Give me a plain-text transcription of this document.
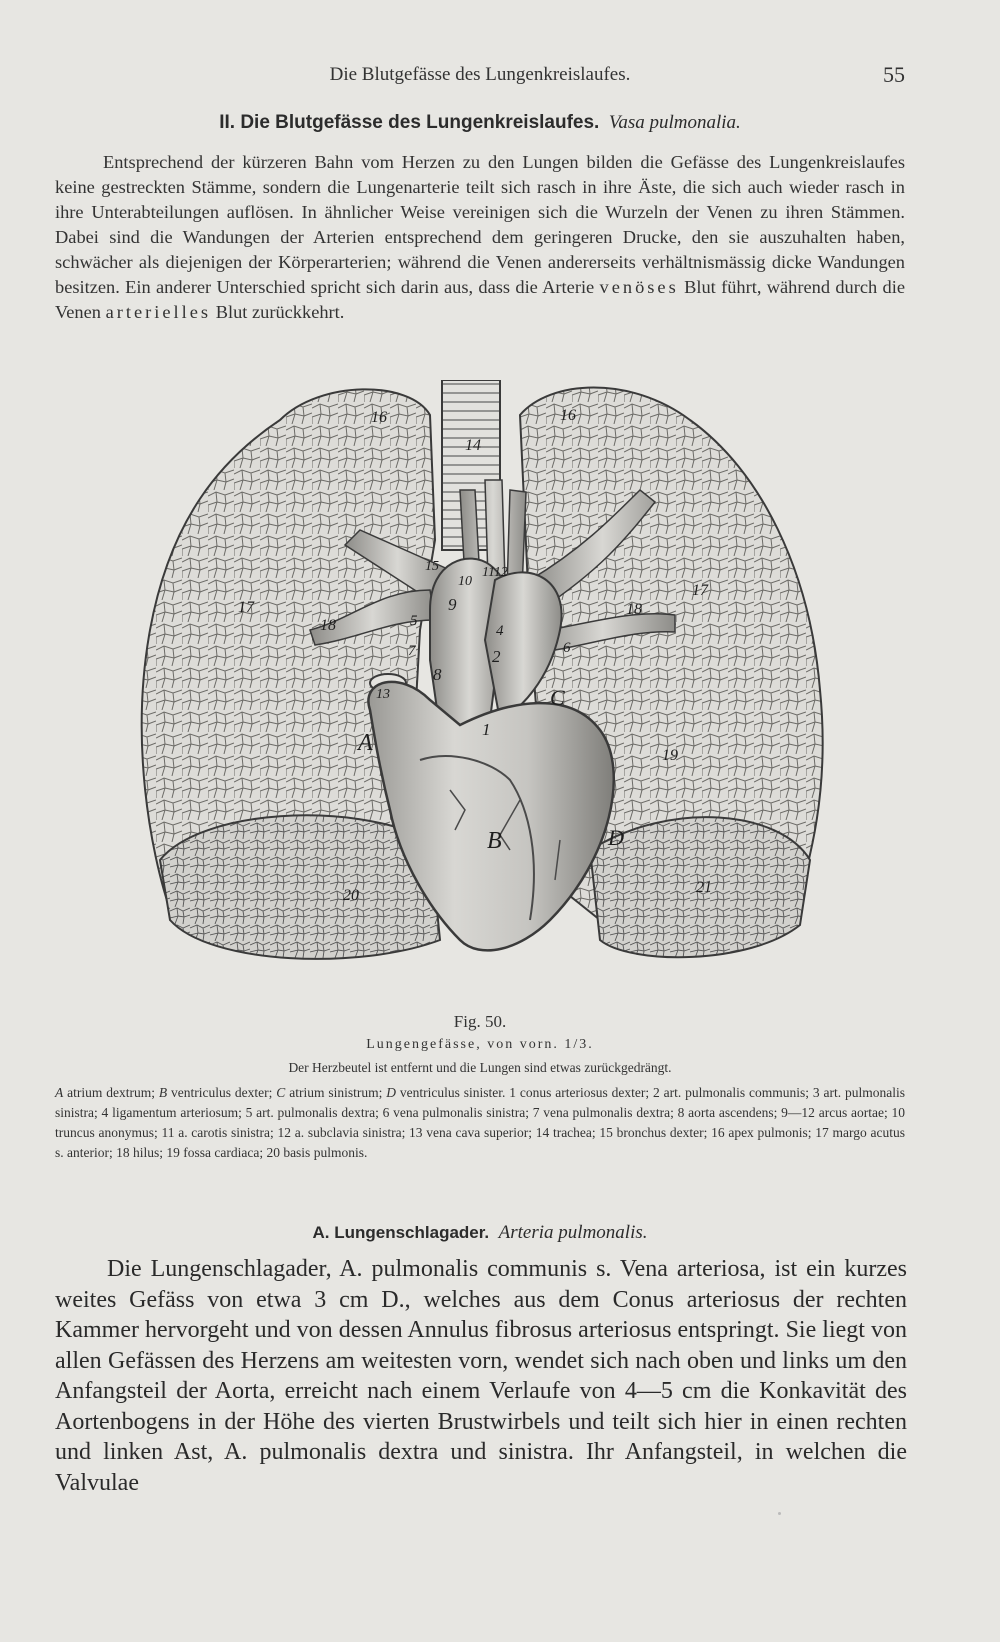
Die Blutgefässe des Lungenkreislaufes.	55
II. Die Blutgefässe des Lungenkreislaufes. Vasa pulmonalia.

Entsprechend der kürzeren Bahn vom Herzen zu den Lungen bilden die Gefässe des Lungenkreislaufes keine gestreckten Stämme, sondern die Lungenarterie teilt sich rasch in ihre Äste, die sich auch wieder rasch in ihre Unterabteilungen auflösen. In ähnlicher Weise vereinigen sich die Wurzeln der Venen zu ihren Stämmen. Dabei sind die Wandungen der Arterien entsprechend dem geringeren Drucke, den sie auszuhalten haben, schwächer als diejenigen der Körperarterien; während die Venen andererseits verhältnismässig dicke Wandungen besitzen. Ein anderer Unterschied spricht sich darin aus, dass die Arterie venöses Blut führt, während durch die Venen arterielles Blut zurückkehrt.

A
B
C
D
1
2
4
5
6
7
8
9
10
1112
13
14
15
16	16
17
17
18
18
19
20	21
Fig. 50.
Lungengefässe, von vorn. 1/3.
Der Herzbeutel ist entfernt und die Lungen sind etwas zurückgedrängt.
A atrium dextrum; B ventriculus dexter; C atrium sinistrum; D ventriculus sinister. 1 conus arteriosus dexter; 2 art. pulmonalis communis; 3 art. pulmonalis sinistra; 4 ligamentum arteriosum; 5 art. pulmonalis dextra; 6 vena pulmonalis sinistra; 7 vena pulmonalis dextra; 8 aorta ascendens; 9—12 arcus aortae; 10 truncus anonymus; 11 a. carotis sinistra; 12 a. subclavia sinistra; 13 vena cava superior; 14 trachea; 15 bronchus dexter; 16 apex pulmonis; 17 margo acutus s. anterior; 18 hilus; 19 fossa cardiaca; 20 basis pulmonis.
A. Lungenschlagader. Arteria pulmonalis.

Die Lungenschlagader, A. pulmonalis communis s. Vena arteriosa, ist ein kurzes weites Gefäss von etwa 3 cm D., welches aus dem Conus arteriosus der rechten Kammer hervorgeht und von dessen Annulus fibrosus arteriosus entspringt. Sie liegt von allen Gefässen des Herzens am weitesten vorn, wendet sich nach oben und links um den Anfangsteil der Aorta, erreicht nach einem Verlaufe von 4—5 cm die Konkavität des Aortenbogens in der Höhe des vierten Brustwirbels und teilt sich hier in einen rechten und linken Ast, A. pulmonalis dextra und sinistra. Ihr Anfangsteil, in welchen die Valvulae
